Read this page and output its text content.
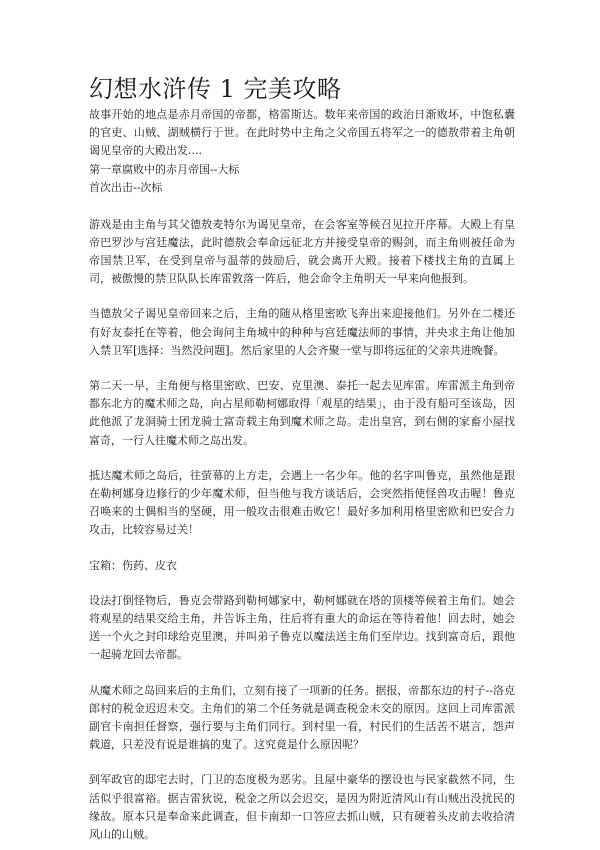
幻想水浒传 1 完美攻略

故事开始的地点是赤月帝国的帝都，格雷斯达。数年来帝国的政治日渐败坏，中饱私囊的官吏、山贼、湖贼横行于世。在此时势中主角之父帝国五将军之一的德敖带着主角朝谒见皇帝的大殿出发....

第一章腐败中的赤月帝国--大标

首次出击--次标

游戏是由主角与其父德敖麦特尔为谒见皇帝，在会客室等候召见拉开序幕。大殿上有皇帝巴罗沙与宫廷魔法，此时德敖会奉命远征北方并接受皇帝的赐剑，而主角则被任命为帝国禁卫军，在受到皇帝与温蒂的鼓励后，就会离开大殿。接着下楼找主角的直属上司，被傲慢的禁卫队队长库雷敦落一阵后，他会命令主角明天一早来向他报到。

当德敖父子谒见皇帝回来之后，主角的随从格里密欧飞奔出来迎接他们。另外在二楼还有好友泰托在等着，他会询问主角城中的种种与宫廷魔法师的事情，并央求主角让他加入禁卫军[选择：当然没问题]。然后家里的人会齐聚一堂与即将远征的父亲共进晚餐。

第二天一早，主角便与格里密欧、巴安、克里澳、泰托一起去见库雷。库雷派主角到帝都东北方的魔术师之岛，向占星师勒柯娜取得「观星的结果」，由于没有船可至该岛，因此他派了龙洞骑士团龙骑士富奇载主角到魔术师之岛。走出皇宫，到右侧的家畜小屋找富奇，一行人往魔术师之岛出发。

抵达魔术师之岛后，往萤幕的上方走，会遇上一名少年。他的名字叫鲁克，虽然他是跟在勒柯娜身边修行的少年魔术师，但当他与我方谈话后，会突然指使怪兽攻击喔！鲁克召唤来的土偶相当的坚硬，用一般攻击很难击败它！最好多加利用格里密欧和巴安合力攻击，比较容易过关！

宝箱：伤药、皮衣

设法打倒怪物后，鲁克会带路到勒柯娜家中，勒柯娜就在塔的顶楼等候着主角们。她会将观星的结果交给主角，并告诉主角，往后将有重大的命运在等待着他！回去时，她会送一个火之封印球给克里澳，并叫弟子鲁克以魔法送主角们至岸边。找到富奇后，跟他一起骑龙回去帝都。

从魔术师之岛回来后的主角们，立刻有接了一项新的任务。据报，帝都东边的村子--洛克郎村的税金迟迟未交。主角们的第二个任务就是调查税金未交的原因。这回上司库雷派副官卡南担任督察，强行要与主角们同行。到村里一看，村民们的生活苦不堪言，怨声载道，只差没有说是谁搞的鬼了。这究竟是什么原因呢？

到军政官的邸宅去时，门卫的态度极为恶劣。且屋中豪华的摆设也与民家截然不同，生活似乎很富裕。据吉雷狄说，税金之所以会迟交，是因为附近清风山有山贼出没扰民的缘故。原本只是奉命来此调查，但卡南却一口答应去抓山贼，只有硬着头皮前去收拾清风山的山贼。
